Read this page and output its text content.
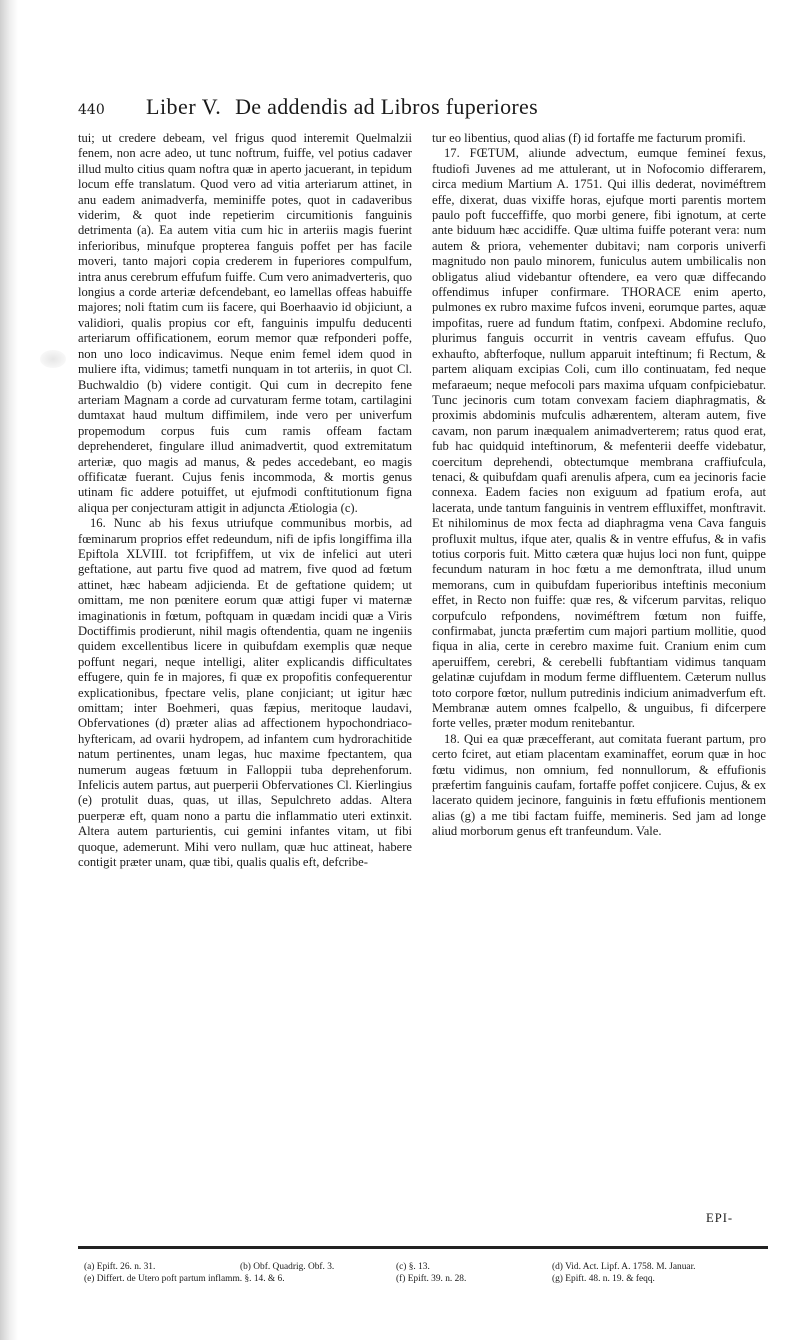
440	Liber V. De addendis ad Libros fuperiores

tui; ut credere debeam, vel frigus quod interemit Quelmalzii fenem, non acre adeo, ut tunc noftrum, fuiffe, vel potius cadaver illud multo citius quam noftra quæ in aperto jacuerant, in tepidum locum effe translatum. Quod vero ad vitia arteriarum attinet, in anu eadem animadverfa, meminiffe potes, quot in cadaveribus viderim, & quot inde repetierim circumitionis fanguinis detrimenta (a). Ea autem vitia cum hic in arteriis magis fuerint inferioribus, minufque propterea fanguis poffet per has facile moveri, tanto majori copia crederem in fuperiores compulfum, intra anus cerebrum effufum fuiffe. Cum vero animadverteris, quo longius a corde arteriæ defcendebant, eo lamellas offeas habuiffe majores; noli ftatim cum iis facere, qui Boerhaavio id objiciunt, a validiori, qualis propius cor eft, fanguinis impulfu deducenti arteriarum offificationem, eorum memor quæ refponderi poffe, non uno loco indicavimus. Neque enim femel idem quod in muliere ifta, vidimus; tametfi nunquam in tot arteriis, in quot Cl. Buchwaldio (b) videre contigit. Qui cum in decrepito fene arteriam Magnam a corde ad curvaturam ferme totam, cartilagini dumtaxat haud multum diffimilem, inde vero per univerfum propemodum corpus fuis cum ramis offeam factam deprehenderet, fingulare illud animadvertit, quod extremitatum arteriæ, quo magis ad manus, & pedes accedebant, eo magis offificatæ fuerant. Cujus fenis incommoda, & mortis genus utinam fic addere potuiffet, ut ejufmodi conftitutionum figna aliqua per conjecturam attigit in adjuncta Ætiologia (c).

16. Nunc ab his fexus utriufque communibus morbis, ad fœminarum proprios effet redeundum, nifi de ipfis longiffima illa Epiftola XLVIII. tot fcripfiffem, ut vix de infelici aut uteri geftatione, aut partu five quod ad matrem, five quod ad fœtum attinet, hæc habeam adjicienda. Et de geftatione quidem; ut omittam, me non pœnitere eorum quæ attigi fuper vi maternæ imaginationis in fœtum, poftquam in quædam incidi quæ a Viris Doctiffimis prodierunt, nihil magis oftendentia, quam ne ingeniis quidem excellentibus licere in quibufdam exemplis quæ neque poffunt negari, neque intelligi, aliter explicandis difficultates effugere, quin fe in majores, fi quæ ex propofitis confequerentur explicationibus, fpectare velis, plane conjiciant; ut igitur hæc omittam; inter Boehmeri, quas fæpius, meritoque laudavi, Obfervationes (d) præter alias ad affectionem hypochondriaco-hyftericam, ad ovarii hydropem, ad infantem cum hydrorachitide natum pertinentes, unam legas, huc maxime fpectantem, qua numerum augeas fœtuum in Falloppii tuba deprehenforum. Infelicis autem partus, aut puerperii Obfervationes Cl. Kierlingius (e) protulit duas, quas, ut illas, Sepulchreto addas. Altera puerperæ eft, quam nono a partu die inflammatio uteri extinxit. Altera autem parturientis, cui gemini infantes vitam, ut fibi quoque, ademerunt. Mihi vero nullam, quæ huc attineat, habere contigit præter unam, quæ tibi, qualis qualis eft, defcribe-

tur eo libentius, quod alias (f) id fortaffe me facturum promifi.

17. FŒTUM, aliunde advectum, eumque femineí fexus, ftudiofi Juvenes ad me attulerant, ut in Nofocomio differarem, circa medium Martium A. 1751. Qui illis dederat, noviméftrem effe, dixerat, duas vixiffe horas, ejufque morti parentis mortem paulo poft fucceffiffe, quo morbi genere, fibi ignotum, at certe ante biduum hæc accidiffe. Quæ ultima fuiffe poterant vera: num autem & priora, vehementer dubitavi; nam corporis univerfi magnitudo non paulo minorem, funiculus autem umbilicalis non obligatus aliud videbantur oftendere, ea vero quæ diffecando offendimus infuper confirmare. THORACE enim aperto, pulmones ex rubro maxime fufcos inveni, eorumque partes, aquæ impofitas, ruere ad fundum ftatim, confpexi. Abdomine reclufo, plurimus fanguis occurrit in ventris caveam effufus. Quo exhaufto, abfterfoque, nullum apparuit inteftinum; fi Rectum, & partem aliquam excipias Coli, cum illo continuatam, fed neque mefaraeum; neque mefocoli pars maxima ufquam confpiciebatur. Tunc jecinoris cum totam convexam faciem diaphragmatis, & proximis abdominis mufculis adhærentem, alteram autem, five cavam, non parum inæqualem animadverterem; ratus quod erat, fub hac quidquid inteftinorum, & mefenterii deeffe videbatur, coercitum deprehendi, obtectumque membrana craffiufcula, tenaci, & quibufdam quafi arenulis afpera, cum ea jecinoris facie connexa. Eadem facies non exiguum ad fpatium erofa, aut lacerata, unde tantum fanguinis in ventrem effluxiffet, monftravit. Et nihilominus de mox fecta ad diaphragma vena Cava fanguis profluxit multus, ifque ater, qualis & in ventre effufus, & in vafis totius corporis fuit. Mitto cætera quæ hujus loci non funt, quippe fecundum naturam in hoc fœtu a me demonftrata, illud unum memorans, cum in quibufdam fuperioribus inteftinis meconium effet, in Recto non fuiffe: quæ res, & vifcerum parvitas, reliquo corpufculo refpondens, noviméftrem fœtum non fuiffe, confirmabat, juncta præfertim cum majori partium mollitie, quod fiqua in alia, certe in cerebro maxime fuit. Cranium enim cum aperuiffem, cerebri, & cerebelli fubftantiam vidimus tanquam gelatinæ cujufdam in modum ferme diffluentem. Cæterum nullus toto corpore fœtor, nullum putredinis indicium animadverfum eft. Membranæ autem omnes fcalpello, & unguibus, fi difcerpere forte velles, præter modum renitebantur.

18. Qui ea quæ præcefferant, aut comitata fuerant partum, pro certo fciret, aut etiam placentam examinaffet, eorum quæ in hoc fœtu vidimus, non omnium, fed nonnullorum, & effufionis præfertim fanguinis caufam, fortaffe poffet conjicere. Cujus, & ex lacerato quidem jecinore, fanguinis in fœtu effufionis mentionem alias (g) a me tibi factam fuiffe, memineris. Sed jam ad longe aliud morborum genus eft tranfeundum. Vale.

EPI-
(a) Epift. 26. n. 31.	(b) Obf. Quadrig. Obf. 3.	(c) §. 13.	(d) Vid. Act. Lipf. A. 1758. M. Januar.
(e) Differt. de Utero poft partum inflamm. §. 14. & 6.	(f) Epift. 39. n. 28.	(g) Epift. 48. n. 19. & feqq.
